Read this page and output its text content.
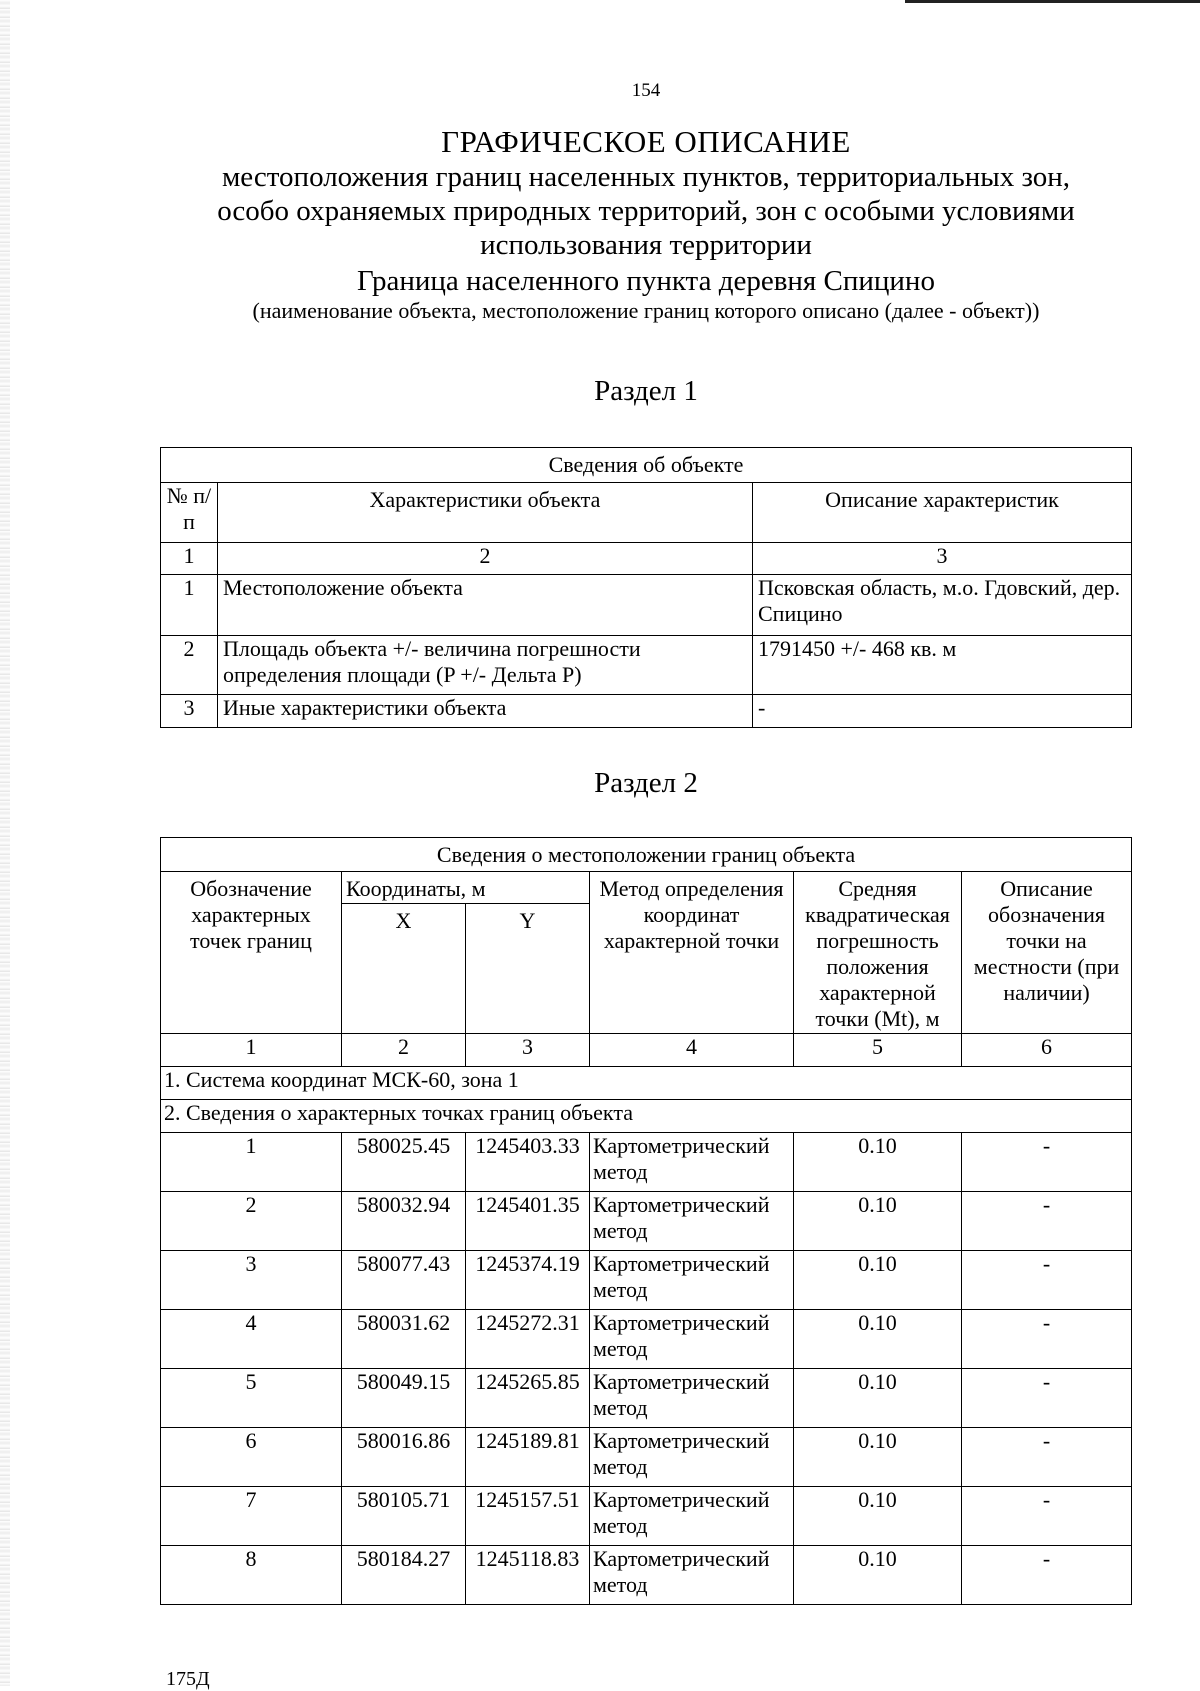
154
ГРАФИЧЕСКОЕ ОПИСАНИЕ
местоположения границ населенных пунктов, территориальных зон,
особо охраняемых природных территорий, зон с особыми условиями
использования территории
Граница населенного пункта деревня Спицино
(наименование объекта, местоположение границ которого описано (далее - объект))
Раздел 1
Сведения об объекте		
№ п/п	Характеристики объекта	Описание характеристик
1	2	3
1	Местоположение объекта	Псковская область, м.о. Гдовский, дер. Спицино
2	Площадь объекта +/- величина погрешности определения площади (P +/- Дельта P)	1791450 +/- 468 кв. м
3	Иные характеристики объекта	-
Раздел 2
Сведения о местоположении границ объекта					
Обозначение характерных точек границ	Координаты, м		Метод определения координат характерной точки	Средняя квадратическая погрешность положения характерной точки (Mt), м	Описание обозначения точки на местности (при наличии)
	X	Y			
1	2	3	4	5	6
1. Система координат МСК-60, зона 1					
2. Сведения о характерных точках границ объекта					
1	580025.45	1245403.33	Картометрический метод	0.10	-
2	580032.94	1245401.35	Картометрический метод	0.10	-
3	580077.43	1245374.19	Картометрический метод	0.10	-
4	580031.62	1245272.31	Картометрический метод	0.10	-
5	580049.15	1245265.85	Картометрический метод	0.10	-
6	580016.86	1245189.81	Картометрический метод	0.10	-
7	580105.71	1245157.51	Картометрический метод	0.10	-
8	580184.27	1245118.83	Картометрический метод	0.10	-
175Д
